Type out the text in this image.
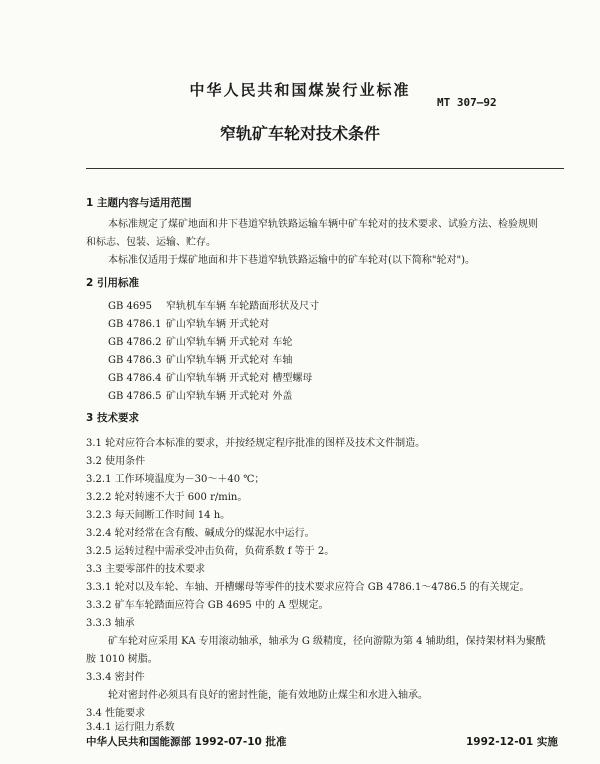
中华人民共和国煤炭行业标准
MT 307—92
窄轨矿车轮对技术条件
1 主题内容与适用范围
本标准规定了煤矿地面和井下巷道窄轨铁路运输车辆中矿车轮对的技术要求、试验方法、检验规则
和标志、包装、运输、贮存。
本标准仅适用于煤矿地面和井下巷道窄轨铁路运输中的矿车轮对(以下简称"轮对")。
2 引用标准
GB 4695 窄轨机车车辆 车轮踏面形状及尺寸
GB 4786.1 矿山窄轨车辆 开式轮对
GB 4786.2 矿山窄轨车辆 开式轮对 车轮
GB 4786.3 矿山窄轨车辆 开式轮对 车轴
GB 4786.4 矿山窄轨车辆 开式轮对 槽型螺母
GB 4786.5 矿山窄轨车辆 开式轮对 外盖
3 技术要求
3.1 轮对应符合本标准的要求，并按经规定程序批准的图样及技术文件制造。
3.2 使用条件
3.2.1 工作环境温度为－30～＋40 ℃；
3.2.2 轮对转速不大于 600 r/min。
3.2.3 每天间断工作时间 14 h。
3.2.4 轮对经常在含有酸、碱成分的煤泥水中运行。
3.2.5 运转过程中需承受冲击负荷，负荷系数 f 等于 2。
3.3 主要零部件的技术要求
3.3.1 轮对以及车轮、车轴、开槽螺母等零件的技术要求应符合 GB 4786.1～4786.5 的有关规定。
3.3.2 矿车车轮踏面应符合 GB 4695 中的 A 型规定。
3.3.3 轴承
矿车轮对应采用 KA 专用滚动轴承，轴承为 G 级精度，径向游隙为第 4 辅助组，保持架材料为聚酰
胺 1010 树脂。
3.3.4 密封件
轮对密封件必须具有良好的密封性能，能有效地防止煤尘和水进入轴承。
3.4 性能要求
3.4.1 运行阻力系数
中华人民共和国能源部 1992-07-10 批准	1992-12-01 实施
